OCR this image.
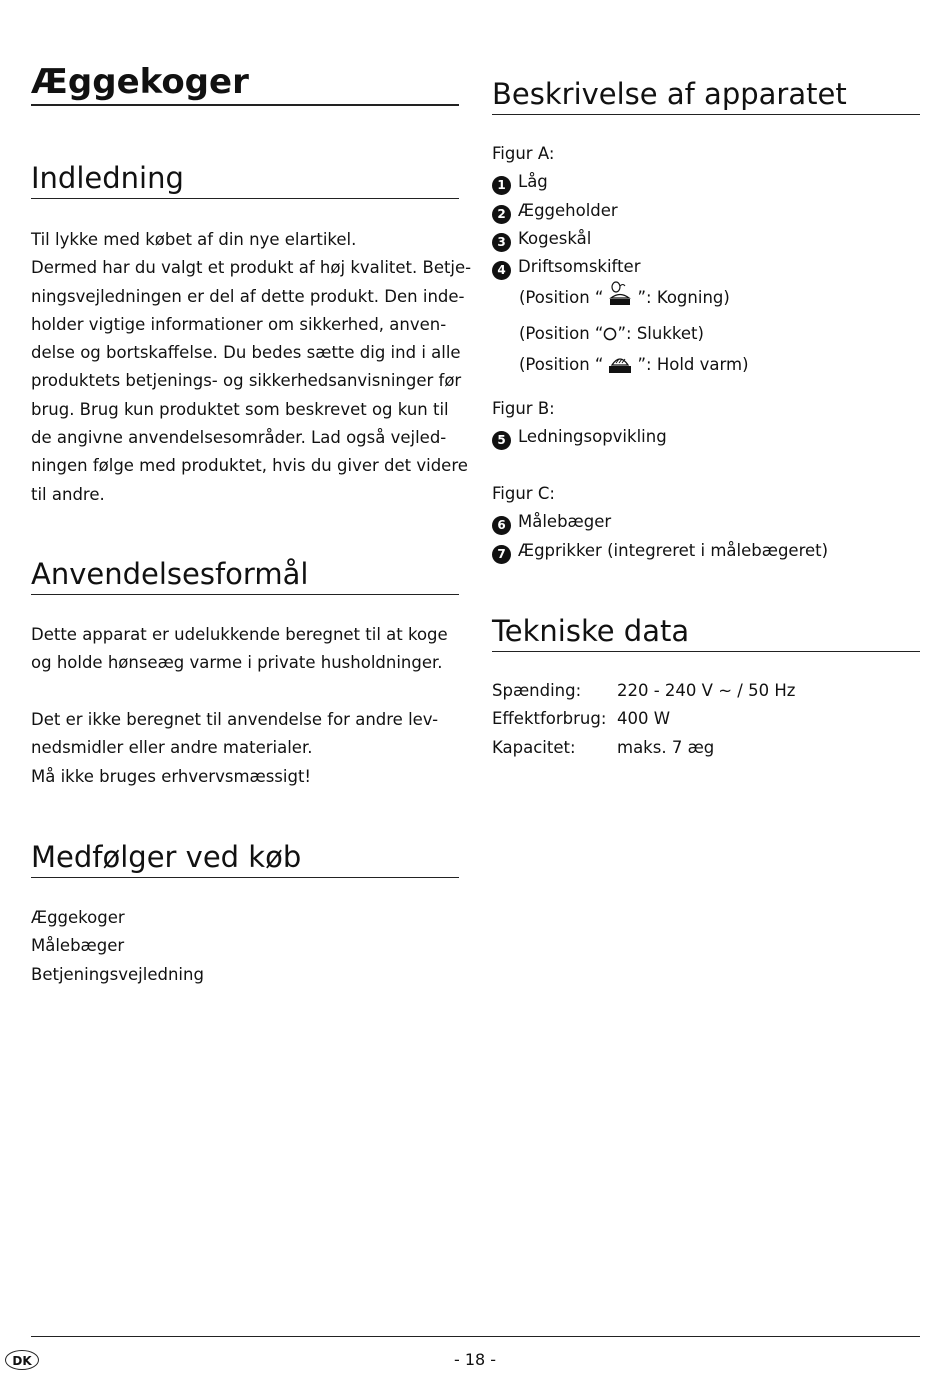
Æggekoger
Indledning
Til lykke med købet af din nye elartikel.
Dermed har du valgt et produkt af høj kvalitet. Betje-
ningsvejledningen er del af dette produkt. Den inde-
holder vigtige informationer om sikkerhed, anven-
delse og bortskaffelse. Du bedes sætte dig ind i alle
produktets betjenings- og sikkerhedsanvisninger før
brug. Brug kun produktet som beskrevet og kun til
de angivne anvendelsesområder. Lad også vejled-
ningen følge med produktet, hvis du giver det videre
til andre.
Anvendelsesformål
Dette apparat er udelukkende beregnet til at koge
og holde hønseæg varme i private husholdninger.
Det er ikke beregnet til anvendelse for andre lev-
nedsmidler eller andre materialer.
Må ikke bruges erhvervsmæssigt!
Medfølger ved køb
Æggekoger
Målebæger
Betjeningsvejledning
Beskrivelse af apparatet
Figur A:
1 Låg
2 Æggeholder
3 Kogeskål
4 Driftsomskifter
(Position “ ”: Kogning)
(Position “ ”: Slukket)
(Position “ ”: Hold varm)
Figur B:
5 Ledningsopvikling
Figur C:
6 Målebæger
7 Ægprikker (integreret i målebægeret)
Tekniske data
Spænding:	220 - 240 V ∼ / 50 Hz
Effektforbrug:	400 W
Kapacitet:	maks. 7 æg
DK	- 18 -
